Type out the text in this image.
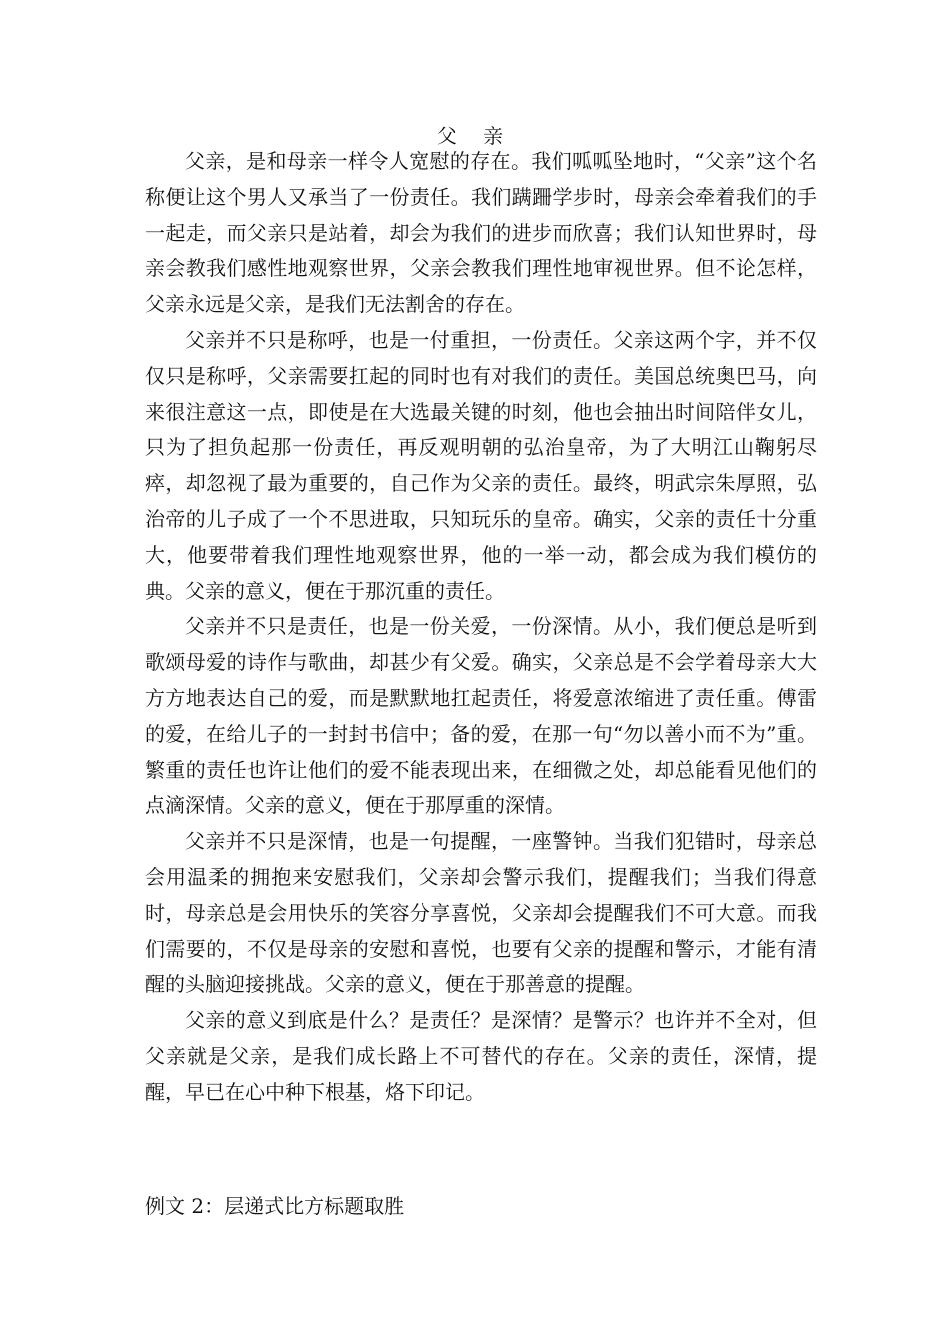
父 亲

父亲，是和母亲一样令人宽慰的存在。我们呱呱坠地时，“父亲”这个名称便让这个男人又承当了一份责任。我们蹒跚学步时，母亲会牵着我们的手一起走，而父亲只是站着，却会为我们的进步而欣喜；我们认知世界时，母亲会教我们感性地观察世界，父亲会教我们理性地审视世界。但不论怎样，父亲永远是父亲，是我们无法割舍的存在。

父亲并不只是称呼，也是一付重担，一份责任。父亲这两个字，并不仅仅只是称呼，父亲需要扛起的同时也有对我们的责任。美国总统奥巴马，向来很注意这一点，即使是在大选最关键的时刻，他也会抽出时间陪伴女儿，只为了担负起那一份责任，再反观明朝的弘治皇帝，为了大明江山鞠躬尽瘁，却忽视了最为重要的，自己作为父亲的责任。最终，明武宗朱厚照，弘治帝的儿子成了一个不思进取，只知玩乐的皇帝。确实，父亲的责任十分重大，他要带着我们理性地观察世界，他的一举一动，都会成为我们模仿的典。父亲的意义，便在于那沉重的责任。

父亲并不只是责任，也是一份关爱，一份深情。从小，我们便总是听到歌颂母爱的诗作与歌曲，却甚少有父爱。确实，父亲总是不会学着母亲大大方方地表达自己的爱，而是默默地扛起责任，将爱意浓缩进了责任重。傅雷的爱，在给儿子的一封封书信中；备的爱，在那一句“勿以善小而不为”重。繁重的责任也许让他们的爱不能表现出来，在细微之处，却总能看见他们的点滴深情。父亲的意义，便在于那厚重的深情。

父亲并不只是深情，也是一句提醒，一座警钟。当我们犯错时，母亲总会用温柔的拥抱来安慰我们，父亲却会警示我们，提醒我们；当我们得意时，母亲总是会用快乐的笑容分享喜悦，父亲却会提醒我们不可大意。而我们需要的，不仅是母亲的安慰和喜悦，也要有父亲的提醒和警示，才能有清醒的头脑迎接挑战。父亲的意义，便在于那善意的提醒。

父亲的意义到底是什么？是责任？是深情？是警示？也许并不全对，但父亲就是父亲，是我们成长路上不可替代的存在。父亲的责任，深情，提醒，早已在心中种下根基，烙下印记。

例文 2：层递式比方标题取胜
